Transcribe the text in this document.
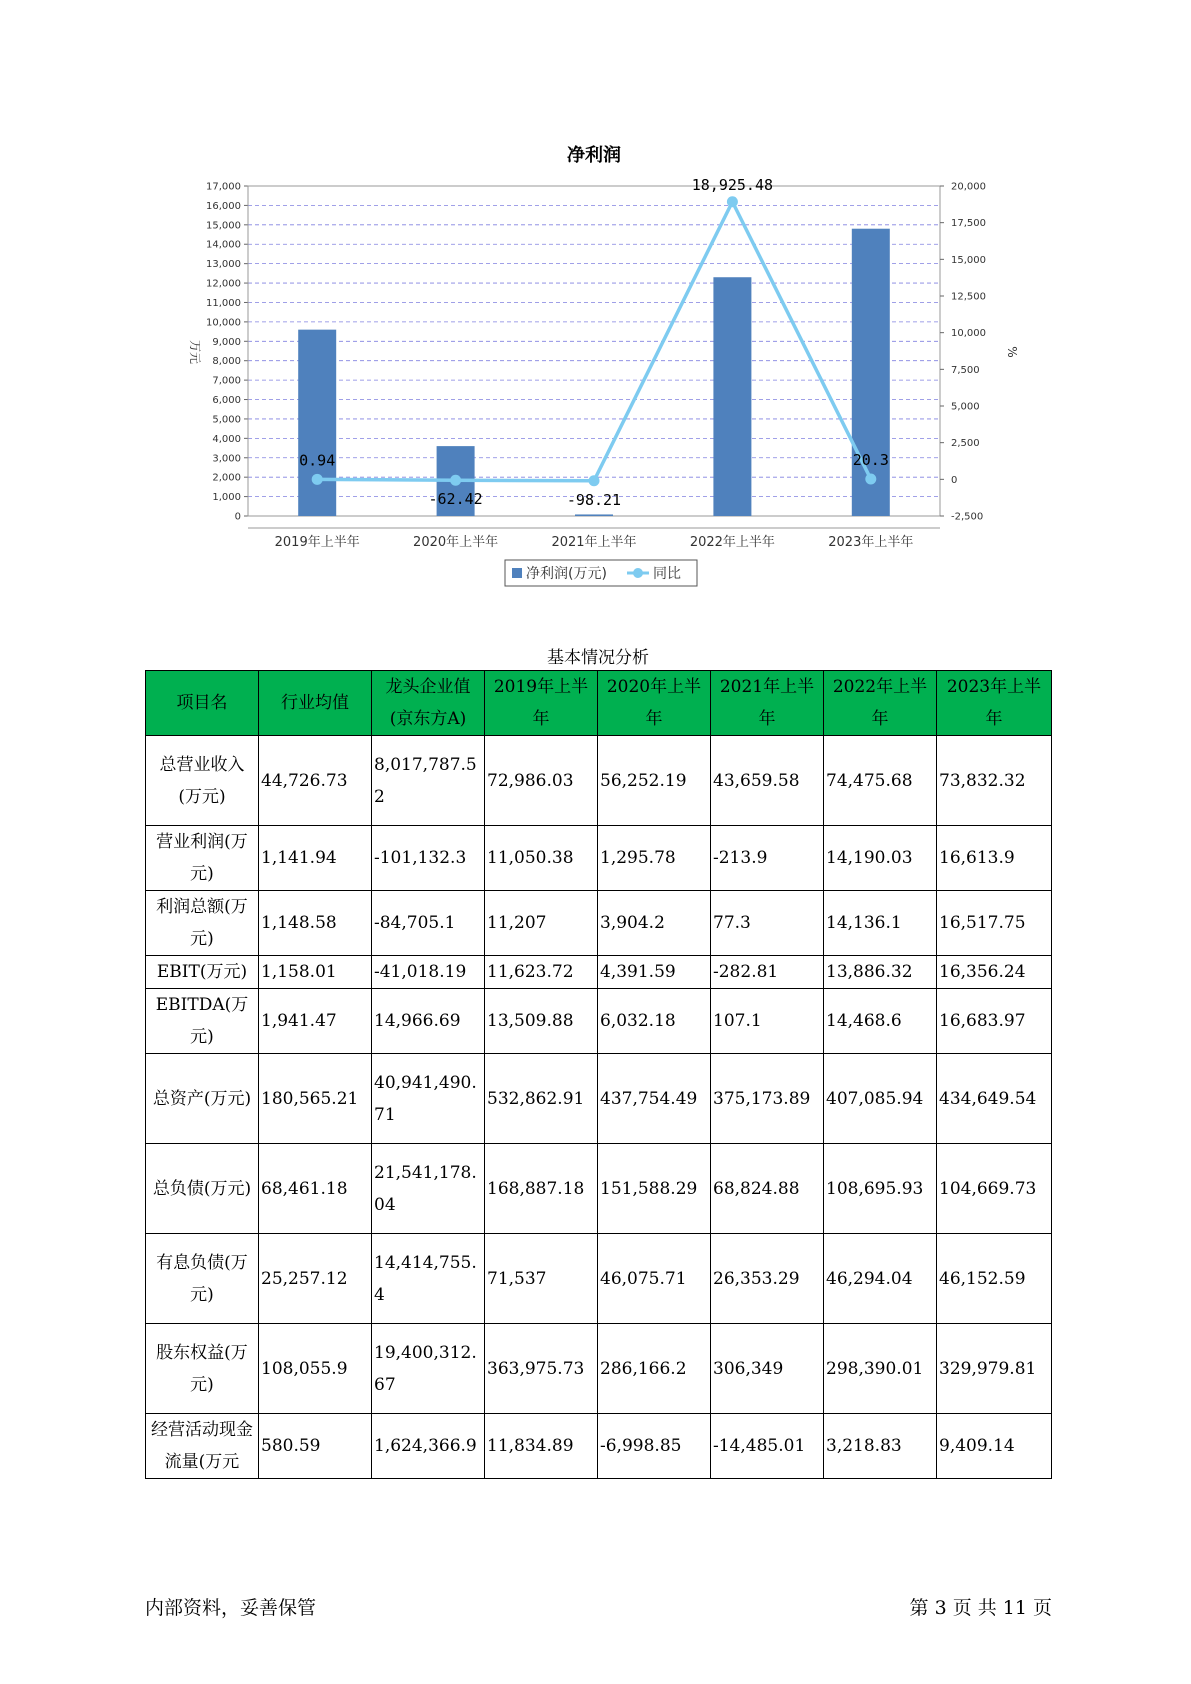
净利润
0
1,000
2,000
3,000
4,000
5,000
6,000
7,000
8,000
9,000
10,000
11,000
12,000
13,000
14,000
15,000
16,000
17,000
-2,500
0
2,500
5,000
7,500
10,000
12,500
15,000
17,500
20,000
万元	%
2019年上半年	2020年上半年	2021年上半年	2022年上半年	2023年上半年
0.94
-62.42	-98.21
18,925.48
20.3
净利润(万元)	同比
基本情况分析
项目名	行业均值	龙头企业值(京东方A)	2019年上半年	2020年上半年	2021年上半年	2022年上半年	2023年上半年
总营业收入(万元)	44,726.73	8,017,787.52	72,986.03	56,252.19	43,659.58	74,475.68	73,832.32
营业利润(万元)	1,141.94	-101,132.3	11,050.38	1,295.78	-213.9	14,190.03	16,613.9
利润总额(万元)	1,148.58	-84,705.1	11,207	3,904.2	77.3	14,136.1	16,517.75
EBIT(万元)	1,158.01	-41,018.19	11,623.72	4,391.59	-282.81	13,886.32	16,356.24
EBITDA(万元)	1,941.47	14,966.69	13,509.88	6,032.18	107.1	14,468.6	16,683.97
总资产(万元)	180,565.21	40,941,490.71	532,862.91	437,754.49	375,173.89	407,085.94	434,649.54
总负债(万元)	68,461.18	21,541,178.04	168,887.18	151,588.29	68,824.88	108,695.93	104,669.73
有息负债(万元)	25,257.12	14,414,755.4	71,537	46,075.71	26,353.29	46,294.04	46,152.59
股东权益(万元)	108,055.9	19,400,312.67	363,975.73	286,166.2	306,349	298,390.01	329,979.81
经营活动现金流量(万元	580.59	1,624,366.9	11,834.89	-6,998.85	-14,485.01	3,218.83	9,409.14
内部资料，妥善保管	第 3 页 共 11 页
